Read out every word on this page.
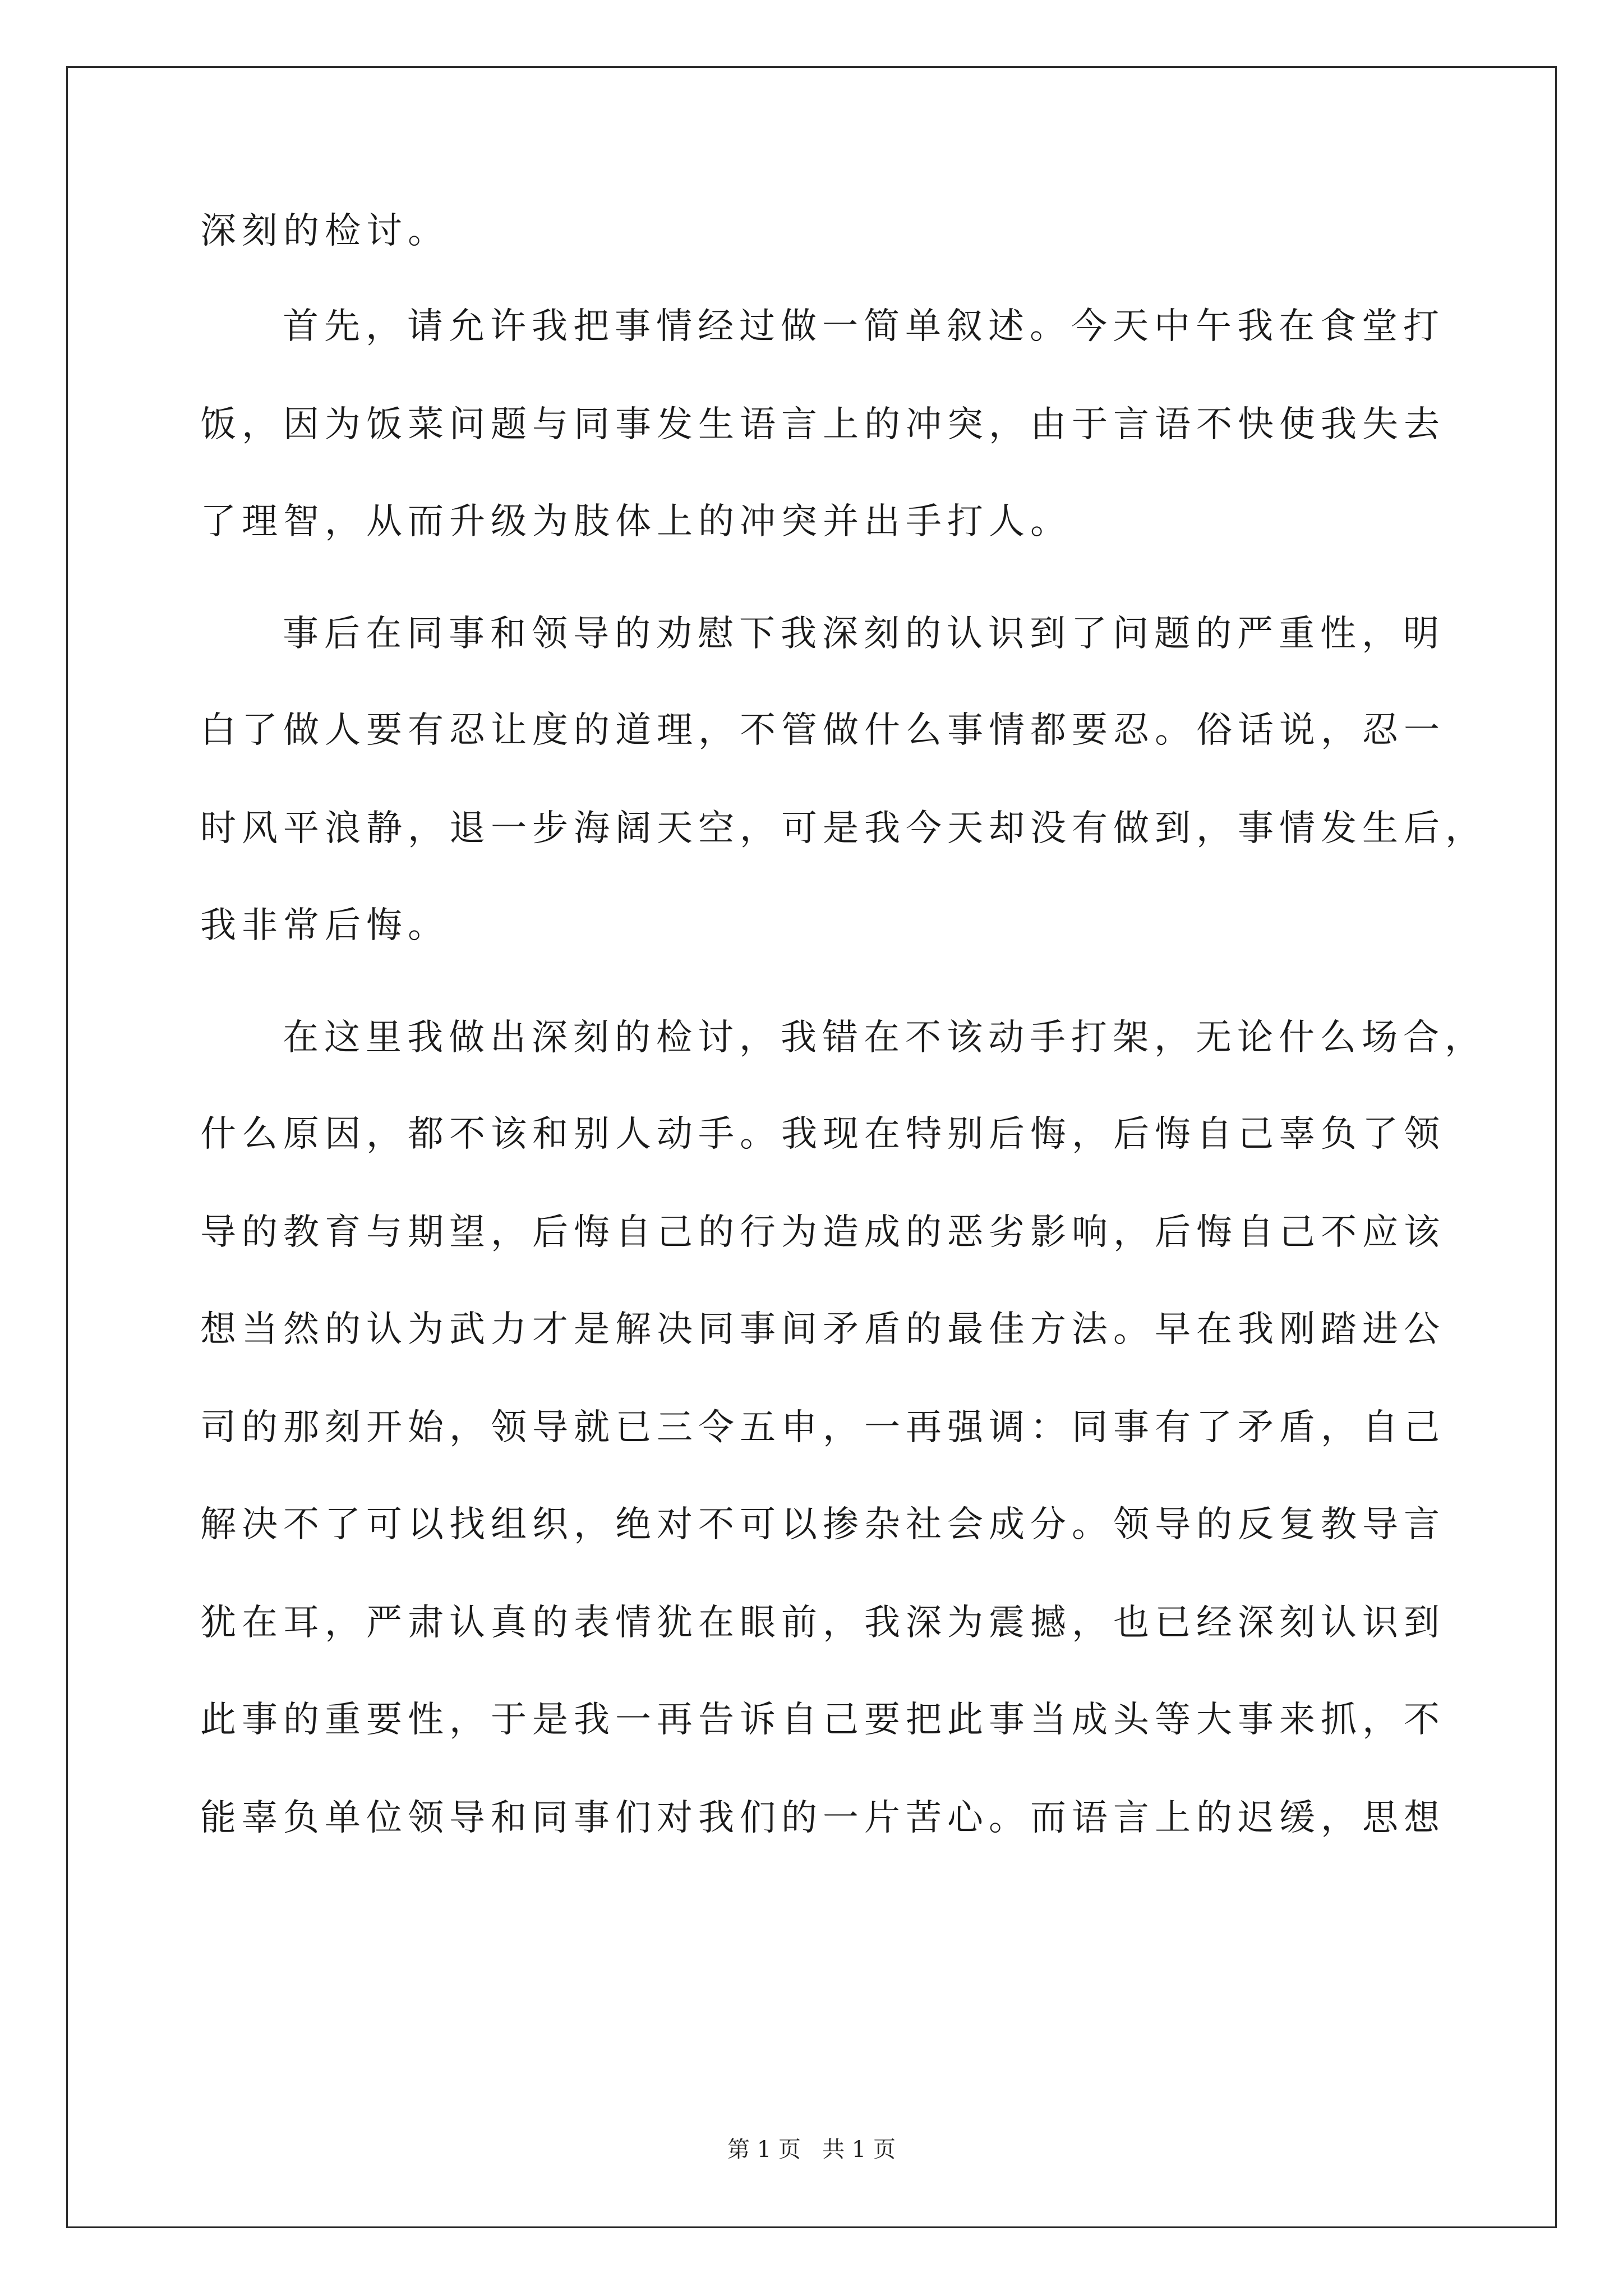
深刻的检讨。
首先，请允许我把事情经过做一简单叙述。今天中午我在食堂打
饭，因为饭菜问题与同事发生语言上的冲突，由于言语不快使我失去
了理智，从而升级为肢体上的冲突并出手打人。
事后在同事和领导的劝慰下我深刻的认识到了问题的严重性，明
白了做人要有忍让度的道理，不管做什么事情都要忍。俗话说，忍一
时风平浪静，退一步海阔天空，可是我今天却没有做到，事情发生后，
我非常后悔。
在这里我做出深刻的检讨，我错在不该动手打架，无论什么场合，
什么原因，都不该和别人动手。我现在特别后悔，后悔自己辜负了领
导的教育与期望，后悔自己的行为造成的恶劣影响，后悔自己不应该
想当然的认为武力才是解决同事间矛盾的最佳方法。早在我刚踏进公
司的那刻开始，领导就已三令五申，一再强调：同事有了矛盾，自己
解决不了可以找组织，绝对不可以掺杂社会成分。领导的反复教导言
犹在耳，严肃认真的表情犹在眼前，我深为震撼，也已经深刻认识到
此事的重要性，于是我一再告诉自己要把此事当成头等大事来抓，不
能辜负单位领导和同事们对我们的一片苦心。而语言上的迟缓，思想
第 1 页   共 1 页
